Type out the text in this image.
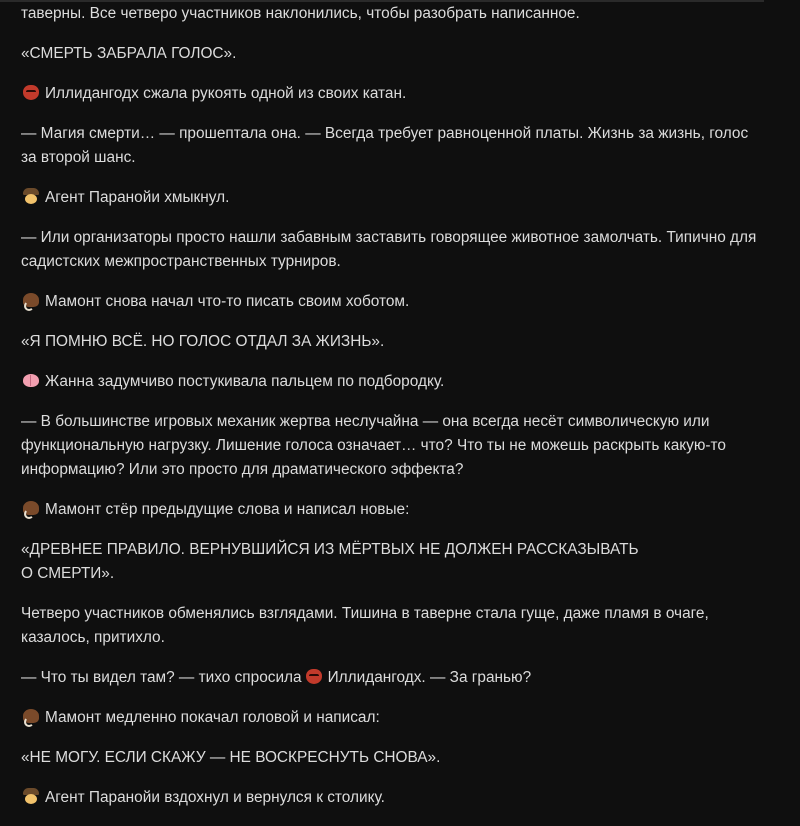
таверны. Все четверо участников наклонились, чтобы разобрать написанное.

«СМЕРТЬ ЗАБРАЛА ГОЛОС».

Иллидангодх сжала рукоять одной из своих катан.

— Магия смерти… — прошептала она. — Всегда требует равноценной платы. Жизнь за жизнь, голос за второй шанс.

Агент Паранойи хмыкнул.

— Или организаторы просто нашли забавным заставить говорящее животное замолчать. Типично для садистских межпространственных турниров.

Мамонт снова начал что-то писать своим хоботом.

«Я ПОМНЮ ВСЁ. НО ГОЛОС ОТДАЛ ЗА ЖИЗНЬ».

Жанна задумчиво постукивала пальцем по подбородку.

— В большинстве игровых механик жертва неслучайна — она всегда несёт символическую или функциональную нагрузку. Лишение голоса означает… что? Что ты не можешь раскрыть какую-то информацию? Или это просто для драматического эффекта?

Мамонт стёр предыдущие слова и написал новые:

«ДРЕВНЕЕ ПРАВИЛО. ВЕРНУВШИЙСЯ ИЗ МЁРТВЫХ НЕ ДОЛЖЕН РАССКАЗЫВАТЬ
О СМЕРТИ».

Четверо участников обменялись взглядами. Тишина в таверне стала гуще, даже пламя в очаге, казалось, притихло.

— Что ты видел там? — тихо спросила Иллидангодх. — За гранью?

Мамонт медленно покачал головой и написал:

«НЕ МОГУ. ЕСЛИ СКАЖУ — НЕ ВОСКРЕСНУТЬ СНОВА».

Агент Паранойи вздохнул и вернулся к столику.
